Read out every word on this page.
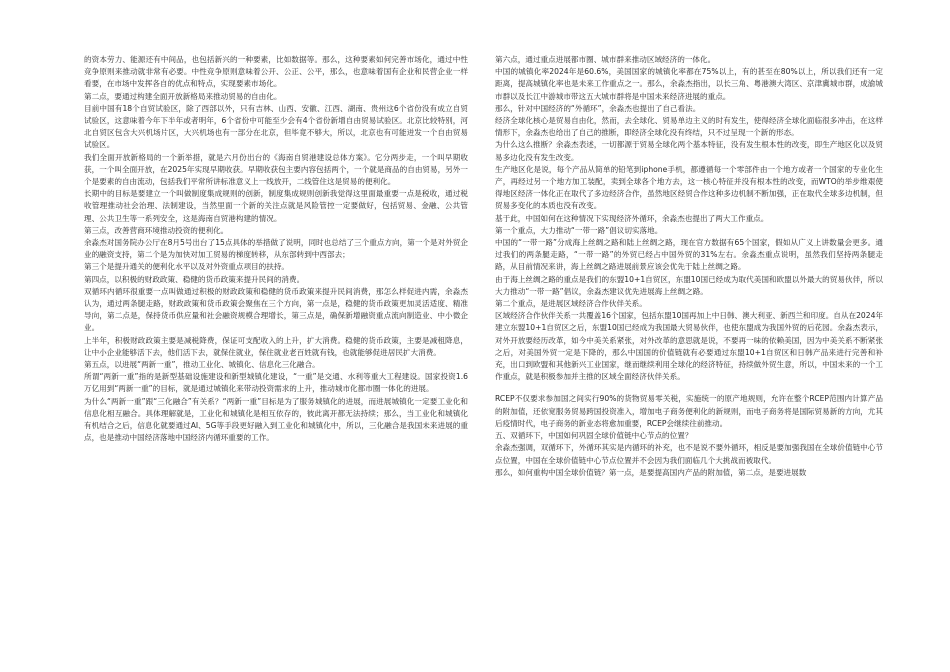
的资本劳力、能源还有中间品，也包括新兴的一种要素，比如数据等。那么，这种要素如何完善市场化，通过中性竞争原则来推动就非常有必要。中性竞争原则意味着公开、公正、公平，那么，也意味着国有企业和民营企业一样看要，在市场中发挥各自的优点和特点，实现要素市场化。

第二点，要通过构建全面开放新格局来推动贸易的自由化。

目前中国有18个自贸试验区，除了西部以外，只有吉林、山西、安徽、江西、湖南、贵州这6个省份没有成立自贸试验区，这意味着今年下半年或者明年，6个省份中可能至少会有4个省份新增自由贸易试验区。北京比较特别，河北自贸区包含大兴机场片区，大兴机场也有一部分在北京，但毕竟不够大，所以，北京也有可能迸发一个自由贸易试验区。

我们全面开放新格局的一个新举措，就是六月份出台的《海南自贸港建设总体方案》。它分两步走，一个叫早期收获，一个叫全面开放，在2025年实现早期收获。早期收获包主要内容包括两个，一个就是商品的自由贸易，另外一个是要素的自由流动，包括我们平常所讲标准意义上一线放开，二线管住这是贸易的便利化。

长期中的目标是要建立一个叫做制度集成规则的创新，制度集成规则创新我觉得这里面最重要一点是税收，通过税收管理推动社会治理、法制建设，当然里面一个新的关注点就是风险管控一定要做好，包括贸易、金融、公共管理、公共卫生等一系列安全，这是海南自贸港构建的情况。

第三点，改善营商环境推动投资的便利化。

余淼杰对国务院办公厅在8月5号出台了15点具体的举措做了说明，同时也总结了三个重点方向，第一个是对外贸企业的融资支持，第二个是为加快对加工贸易的梯度转移，从东部转到中西部去；

第三个是提升通关的便利化水平以及对外资重点项目的扶持。

第四点，以积极的财政政策、稳健的货币政策来提升民间的消费。

双循环内循环很重要一点叫做通过积极的财政政策和稳健的货币政策来提升民间消费，那怎么样促进内需，余淼杰认为，通过两条腿走路，财政政策和货币政策会聚焦在三个方向，第一点是，稳健的货币政策更加灵活适度、精准导向，第二点是，保持货币供应量和社会融资规模合理增长，第三点是，确保新增融资重点流向制造业、中小微企业。

上半年，积极财政政策主要是减税降费，保证可支配收入的上升，扩大消费。稳健的货币政策，主要是减租降息，让中小企业能够活下去，他们活下去，就保住就业，保住就业老百姓就有钱，也就能够促进居民扩大消费。

第五点，以进展“两新一重”，推动工业化、城镇化、信息化三化融合。

所谓“两新一重”指的是新型基础设施建设和新型城镇化建设，“一重”是交通、水利等重大工程建设。国家投资1.6万亿用到“两新一重”的目标，就是通过城镇化来带动投资需求的上升，推动城市化都市圈一体化的进展。

为什么“两新一重”跟“三化融合”有关系？“两新一重”目标是为了服务城镇化的进展，而进展城镇化一定要工业化和信息化相互融合。具体理解就是，工业化和城镇化是相互依存的，彼此离开都无法持续；那么，当工业化和城镇化有机结合之后，信息化就要通过AI、5G等手段更好融入到工业化和城镇化中，所以，三化融合是我国未来进展的重点，也是推动中国经济落地中国经济内循环重要的工作。

第六点，通过重点进展都市圈、城市群来推动区域经济的一体化。

中国的城镇化率2024年是60.6%，美国国家的城镇化率都在75%以上，有的甚至在80%以上，所以我们还有一定距离，提高城镇化率也是未来工作重点之一。那么，余淼杰指出，以长三角、粤港澳大湾区、京津冀城市群，成渝城市群以及长江中游城市带这五大城市群将是中国未来经济进展的重点。

那么，针对中国经济的“外循环”，余淼杰也提出了自己看法。

经济全球化核心是贸易自由化，然而，去全球化、贸易单边主义的时有发生，使得经济全球化面临很多冲击，在这样情形下，余淼杰也给出了自己的推断，即经济全球化没有终结，只不过呈现一个新的形态。

为什么这么推断？余淼杰表述，一切都源于贸易全球化两个基本特征，没有发生根本性的改变，即生产地区化以及贸易多边化没有发生改变。

生产地区化是说，每个产品从简单的铅笔到iphone手机，都遵循每一个零部件由一个地方或者一个国家的专业化生产，再经过另一个地方加工装配，卖到全球各个地方去，这一核心特征并没有根本性的改变，而WTO的举步维艰使得地区经济一体化正在取代了多边经济合作，虽然地区经贸合作这种多边机制不断加强，正在取代全球多边机制，但贸易多变化的本质也没有改变。

基于此，中国如何在这种情况下实现经济外循环，余淼杰也提出了两大工作重点。

第一个重点，大力推动“一带一路”倡议切实落地。

中国的“一带一路”分成海上丝绸之路和陆上丝绸之路，现在官方数据有65个国家，假如从广义上讲数量会更多。通过我们的两条腿走路，“一带一路”的外贸已经占中国外贸的31%左右。余淼杰重点说明，虽然我们坚持两条腿走路，从目前情况来讲，海上丝绸之路进展前景应该会优先于陆上丝绸之路。

由于海上丝绸之路的重点是我们的东盟10+1自贸区，东盟10国已经成为取代美国和欧盟以外最大的贸易伙伴，所以大力推动“一带一路”倡议，余淼杰建议优先进展海上丝绸之路。

第二个重点，是进展区域经济合作伙伴关系。

区域经济合作伙伴关系一共覆盖16个国家，包括东盟10国再加上中日韩、澳大利亚、新西兰和印度。自从在2024年建立东盟10+1自贸区之后，东盟10国已经成为我国最大贸易伙伴，也使东盟成为我国外贸的后花园。余淼杰表示，对外开放要经历改革，如今中美关系紧张，对外改革的意思就是说，不要再一味的依赖美国，因为中美关系不断紧张之后，对美国外贸一定是下降的，那么中国国的价值链就有必要通过东盟10+1自贸区和日韩产品来进行完善和补充，出口到欧盟和其他新兴工业国家，继而继续利用全球化的经济特征，持续做外贸生意，所以，中国未来的一个工作重点，就是积极参加并主推的区域全面经济伙伴关系。

RCEP不仅要求参加国之间实行90%的货物贸易零关税，实施统一的原产地规则，允许在整个RCEP范围内计算产品的附加值，还依宽服务贸易跨国投资准入，增加电子商务便利化的新规则，而电子商务将是国际贸易新的方向，尤其后疫情时代，电子商务的新业态将愈加重要，RCEP会继续往前推动。

五、双循环下，中国如何巩固全球价值链中心节点的位置？

余淼杰强调，双循环下，外循环其实是内循环的补充，也不是说不要外循环，相反是要加强我国在全球价值链中心节点位置，中国在全球价值链中心节点位置并不会因为我们面临几个大挑战而被取代。

那么，如何重构中国全球价值链？第一点，是要提高国内产品的附加值，第二点，是要进展数
